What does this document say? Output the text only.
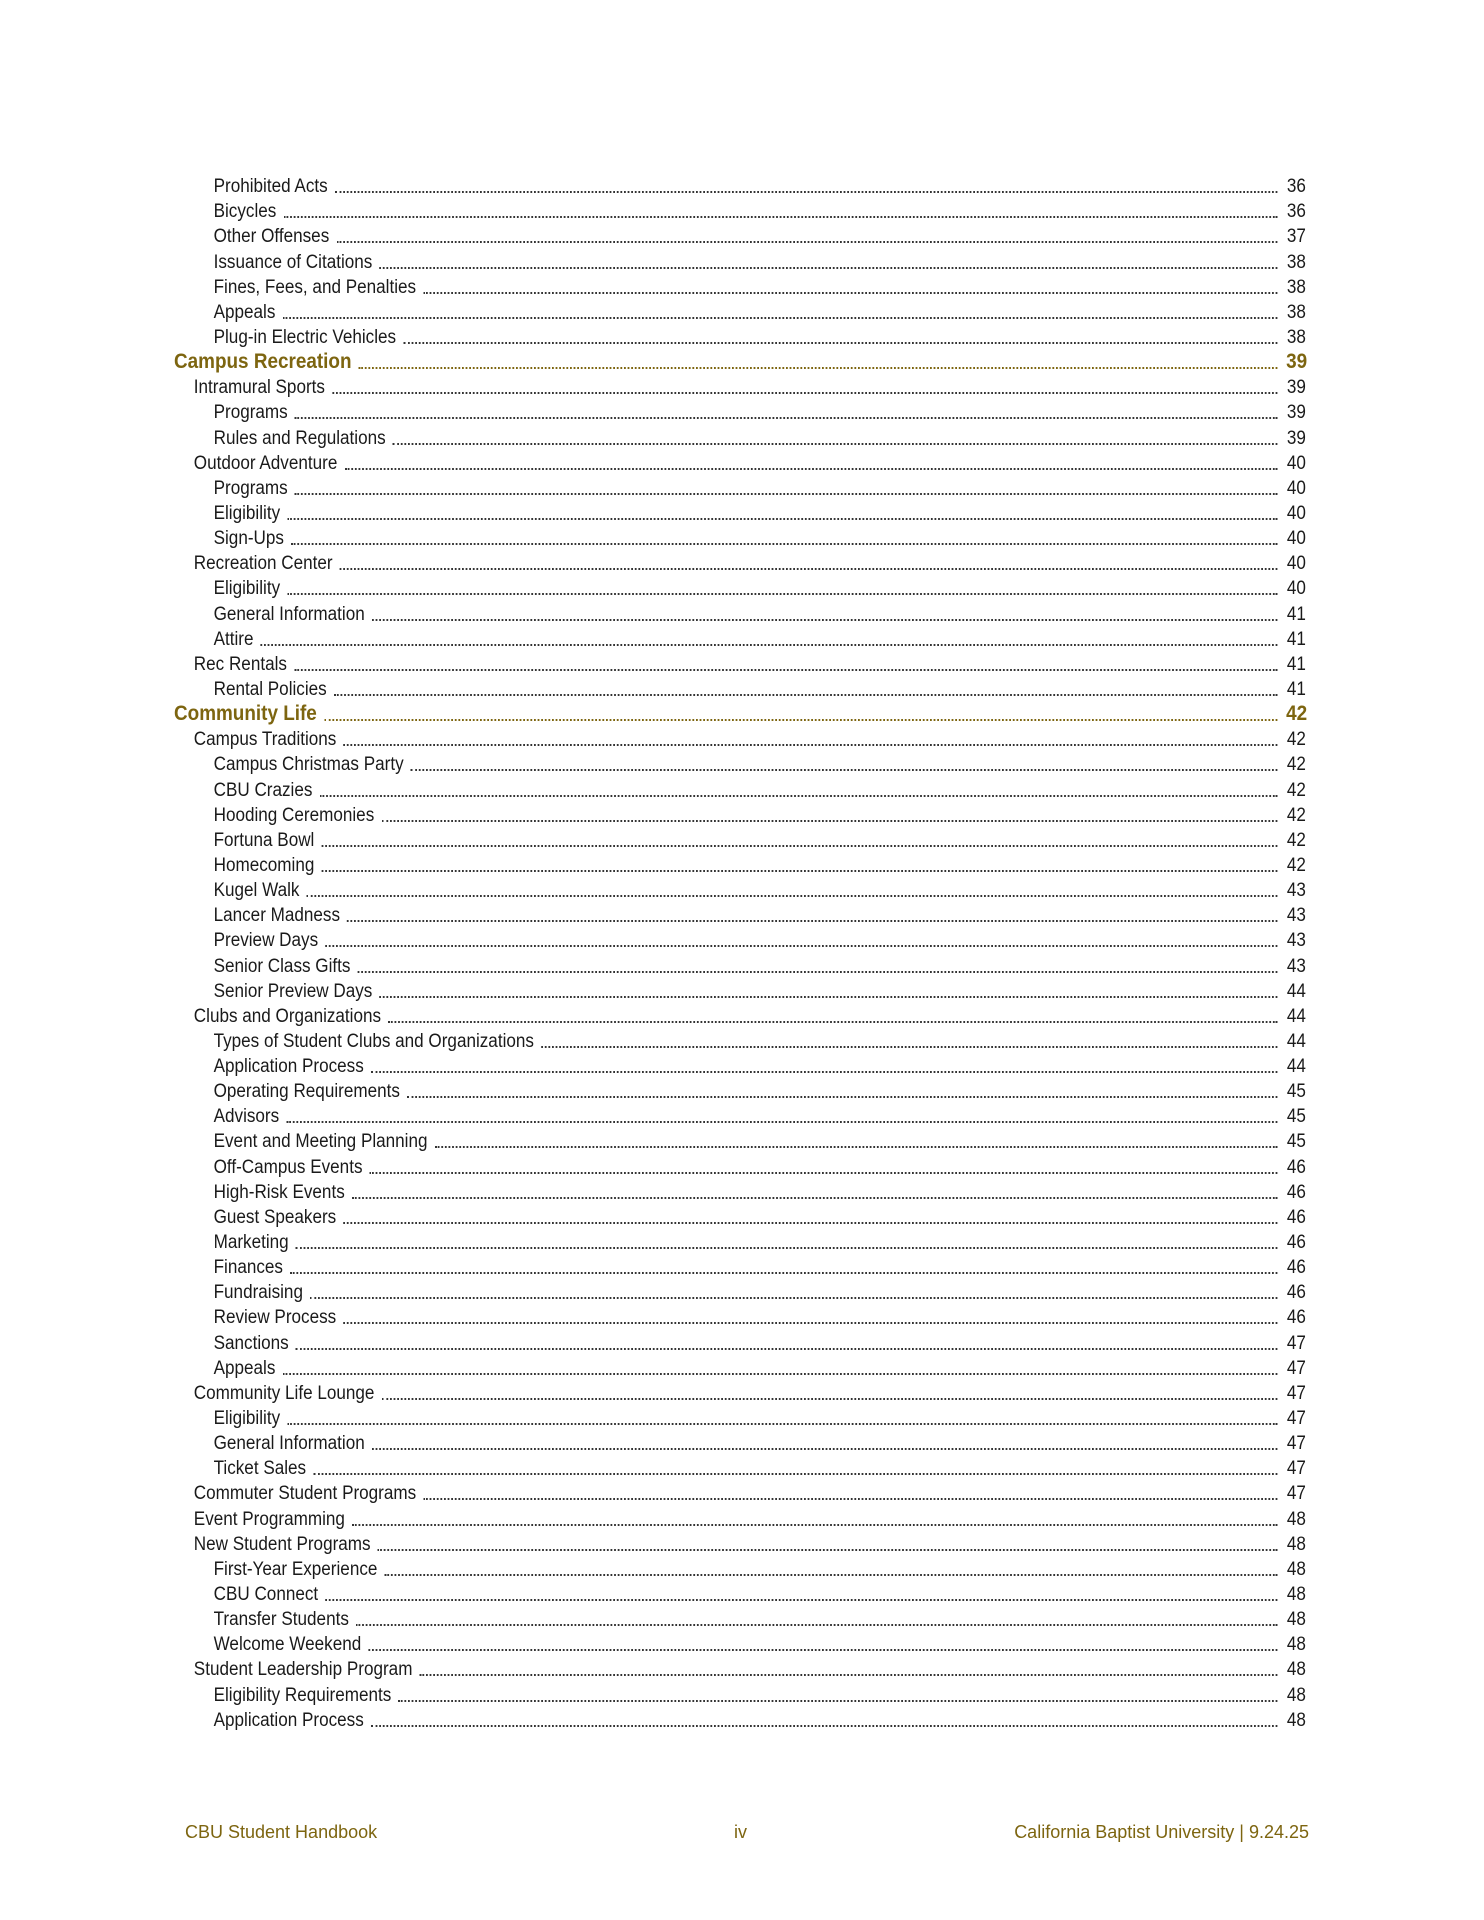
Prohibited Acts	36
Bicycles	36
Other Offenses	37
Issuance of Citations	38
Fines, Fees, and Penalties	38
Appeals	38
Plug-in Electric Vehicles	38
Campus Recreation	39
Intramural Sports	39
Programs	39
Rules and Regulations	39
Outdoor Adventure	40
Programs	40
Eligibility	40
Sign-Ups	40
Recreation Center	40
Eligibility	40
General Information	41
Attire	41
Rec Rentals	41
Rental Policies	41
Community Life	42
Campus Traditions	42
Campus Christmas Party	42
CBU Crazies	42
Hooding Ceremonies	42
Fortuna Bowl	42
Homecoming	42
Kugel Walk	43
Lancer Madness	43
Preview Days	43
Senior Class Gifts	43
Senior Preview Days	44
Clubs and Organizations	44
Types of Student Clubs and Organizations	44
Application Process	44
Operating Requirements	45
Advisors	45
Event and Meeting Planning	45
Off-Campus Events	46
High-Risk Events	46
Guest Speakers	46
Marketing	46
Finances	46
Fundraising	46
Review Process	46
Sanctions	47
Appeals	47
Community Life Lounge	47
Eligibility	47
General Information	47
Ticket Sales	47
Commuter Student Programs	47
Event Programming	48
New Student Programs	48
First-Year Experience	48
CBU Connect	48
Transfer Students	48
Welcome Weekend	48
Student Leadership Program	48
Eligibility Requirements	48
Application Process	48
CBU Student Handbook	iv	California Baptist University | 9.24.25
